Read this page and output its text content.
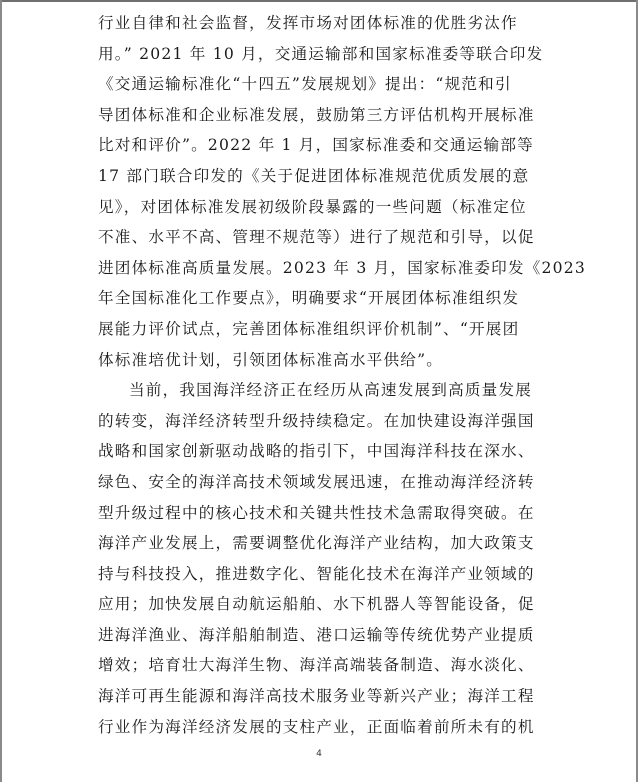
行业自律和社会监督，发挥市场对团体标准的优胜劣汰作
用。” 2021 年 10 月，交通运输部和国家标准委等联合印发
《交通运输标准化“十四五”发展规划》提出：“规范和引
导团体标准和企业标准发展，鼓励第三方评估机构开展标准
比对和评价”。2022 年 1 月，国家标准委和交通运输部等
17 部门联合印发的《关于促进团体标准规范优质发展的意
见》，对团体标准发展初级阶段暴露的一些问题（标准定位
不准、水平不高、管理不规范等）进行了规范和引导，以促
进团体标准高质量发展。2023 年 3 月，国家标准委印发《2023
年全国标准化工作要点》，明确要求“开展团体标准组织发
展能力评价试点，完善团体标准组织评价机制”、“开展团
体标准培优计划，引领团体标准高水平供给”。
当前，我国海洋经济正在经历从高速发展到高质量发展
的转变，海洋经济转型升级持续稳定。在加快建设海洋强国
战略和国家创新驱动战略的指引下，中国海洋科技在深水、
绿色、安全的海洋高技术领域发展迅速，在推动海洋经济转
型升级过程中的核心技术和关键共性技术急需取得突破。在
海洋产业发展上，需要调整优化海洋产业结构，加大政策支
持与科技投入，推进数字化、智能化技术在海洋产业领域的
应用；加快发展自动航运船舶、水下机器人等智能设备，促
进海洋渔业、海洋船舶制造、港口运输等传统优势产业提质
增效；培育壮大海洋生物、海洋高端装备制造、海水淡化、
海洋可再生能源和海洋高技术服务业等新兴产业；海洋工程
行业作为海洋经济发展的支柱产业，正面临着前所未有的机
4
